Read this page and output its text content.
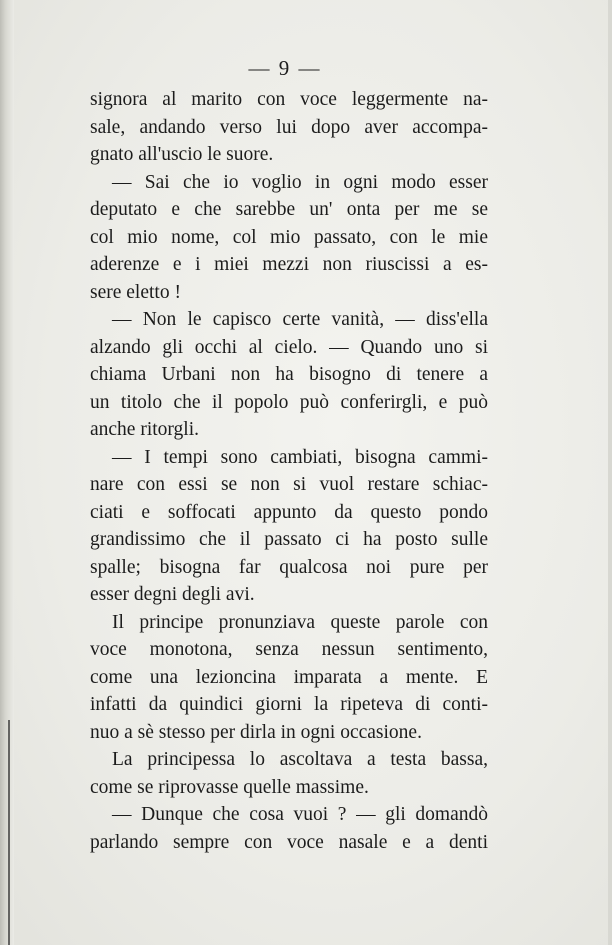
— 9 —

signora al marito con voce leggermente na-
sale, andando verso lui dopo aver accompa-
gnato all'uscio le suore.

— Sai che io voglio in ogni modo esser
deputato e che sarebbe un' onta per me se
col mio nome, col mio passato, con le mie
aderenze e i miei mezzi non riuscissi a es-
sere eletto !

— Non le capisco certe vanità, — diss'ella
alzando gli occhi al cielo. — Quando uno si
chiama Urbani non ha bisogno di tenere a
un titolo che il popolo può conferirgli, e può
anche ritorgli.

— I tempi sono cambiati, bisogna cammi-
nare con essi se non si vuol restare schiac-
ciati e soffocati appunto da questo pondo
grandissimo che il passato ci ha posto sulle
spalle; bisogna far qualcosa noi pure per
esser degni degli avi.

Il principe pronunziava queste parole con
voce monotona, senza nessun sentimento,
come una lezioncina imparata a mente. E
infatti da quindici giorni la ripeteva di conti-
nuo a sè stesso per dirla in ogni occasione.

La principessa lo ascoltava a testa bassa,
come se riprovasse quelle massime.

— Dunque che cosa vuoi ? — gli domandò
parlando sempre con voce nasale e a denti
